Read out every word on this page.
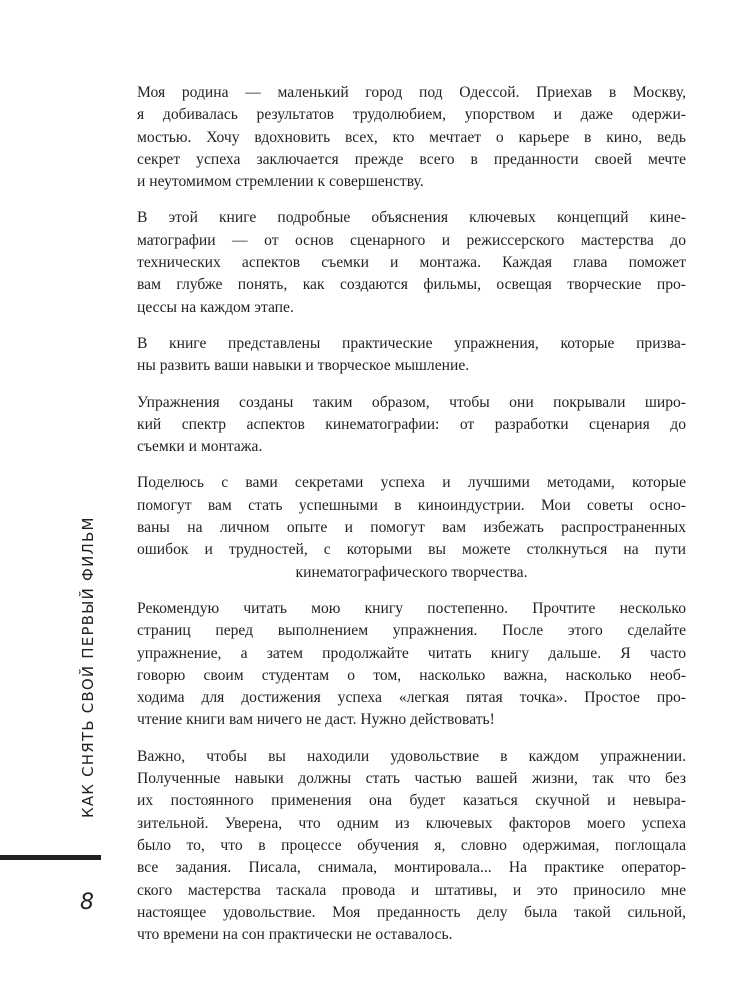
Моя родина — маленький город под Одессой. Приехав в Москву,
я добивалась результатов трудолюбием, упорством и даже одержи-
мостью. Хочу вдохновить всех, кто мечтает о карьере в кино, ведь
секрет успеха заключается прежде всего в преданности своей мечте
и неутомимом стремлении к совершенству.
В этой книге подробные объяснения ключевых концепций кине-
матографии — от основ сценарного и режиссерского мастерства до
технических аспектов съемки и монтажа. Каждая глава поможет
вам глубже понять, как создаются фильмы, освещая творческие про-
цессы на каждом этапе.
В книге представлены практические упражнения, которые призва-
ны развить ваши навыки и творческое мышление.
Упражнения созданы таким образом, чтобы они покрывали широ-
кий спектр аспектов кинематографии: от разработки сценария до
съемки и монтажа.
Поделюсь с вами секретами успеха и лучшими методами, которые
помогут вам стать успешными в киноиндустрии. Мои советы осно-
ваны на личном опыте и помогут вам избежать распространенных
ошибок и трудностей, с которыми вы можете столкнуться на пути
кинематографического творчества.
Рекомендую читать мою книгу постепенно. Прочтите несколько
страниц перед выполнением упражнения. После этого сделайте
упражнение, а затем продолжайте читать книгу дальше. Я часто
говорю своим студентам о том, насколько важна, насколько необ-
ходима для достижения успеха «легкая пятая точка». Простое про-
чтение книги вам ничего не даст. Нужно действовать!
Важно, чтобы вы находили удовольствие в каждом упражнении.
Полученные навыки должны стать частью вашей жизни, так что без
их постоянного применения она будет казаться скучной и невыра-
зительной. Уверена, что одним из ключевых факторов моего успеха
было то, что в процессе обучения я, словно одержимая, поглощала
все задания. Писала, снимала, монтировала... На практике оператор-
ского мастерства таскала провода и штативы, и это приносило мне
настоящее удовольствие. Моя преданность делу была такой сильной,
что времени на сон практически не оставалось.
КАК СНЯТЬ СВОЙ ПЕРВЫЙ ФИЛЬМ
8
